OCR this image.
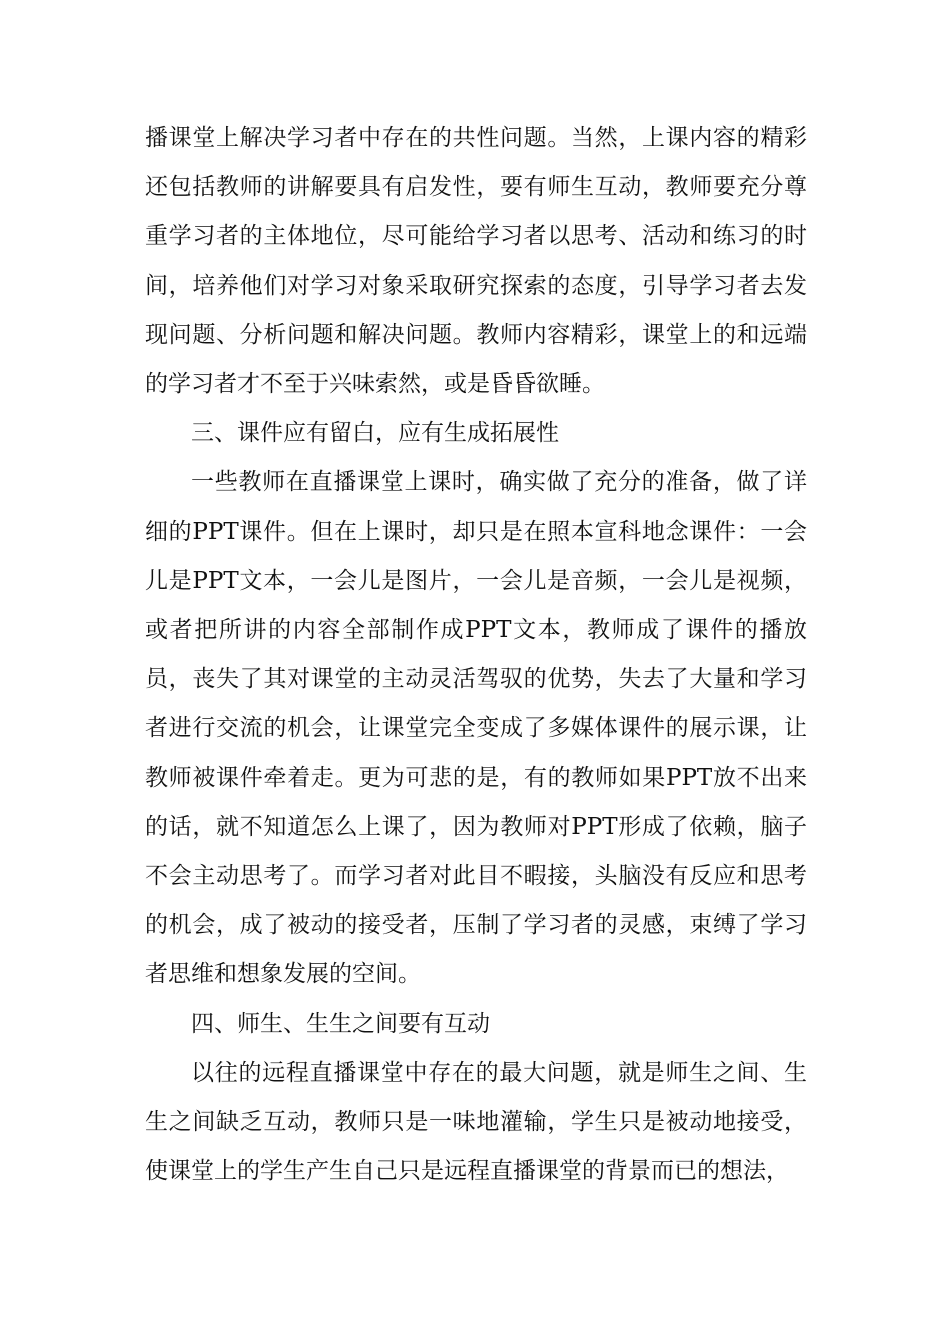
播课堂上解决学习者中存在的共性问题。当然，上课内容的精彩还包括教师的讲解要具有启发性，要有师生互动，教师要充分尊重学习者的主体地位，尽可能给学习者以思考、活动和练习的时间，培养他们对学习对象采取研究探索的态度，引导学习者去发现问题、分析问题和解决问题。教师内容精彩，课堂上的和远端的学习者才不至于兴味索然，或是昏昏欲睡。

三、课件应有留白，应有生成拓展性

一些教师在直播课堂上课时，确实做了充分的准备，做了详细的PPT课件。但在上课时，却只是在照本宣科地念课件：一会儿是PPT文本，一会儿是图片，一会儿是音频，一会儿是视频，或者把所讲的内容全部制作成PPT文本，教师成了课件的播放员，丧失了其对课堂的主动灵活驾驭的优势，失去了大量和学习者进行交流的机会，让课堂完全变成了多媒体课件的展示课，让教师被课件牵着走。更为可悲的是，有的教师如果PPT放不出来的话，就不知道怎么上课了，因为教师对PPT形成了依赖，脑子不会主动思考了。而学习者对此目不暇接，头脑没有反应和思考的机会，成了被动的接受者，压制了学习者的灵感，束缚了学习者思维和想象发展的空间。

四、师生、生生之间要有互动

以往的远程直播课堂中存在的最大问题，就是师生之间、生生之间缺乏互动，教师只是一味地灌输，学生只是被动地接受，使课堂上的学生产生自己只是远程直播课堂的背景而已的想法，
